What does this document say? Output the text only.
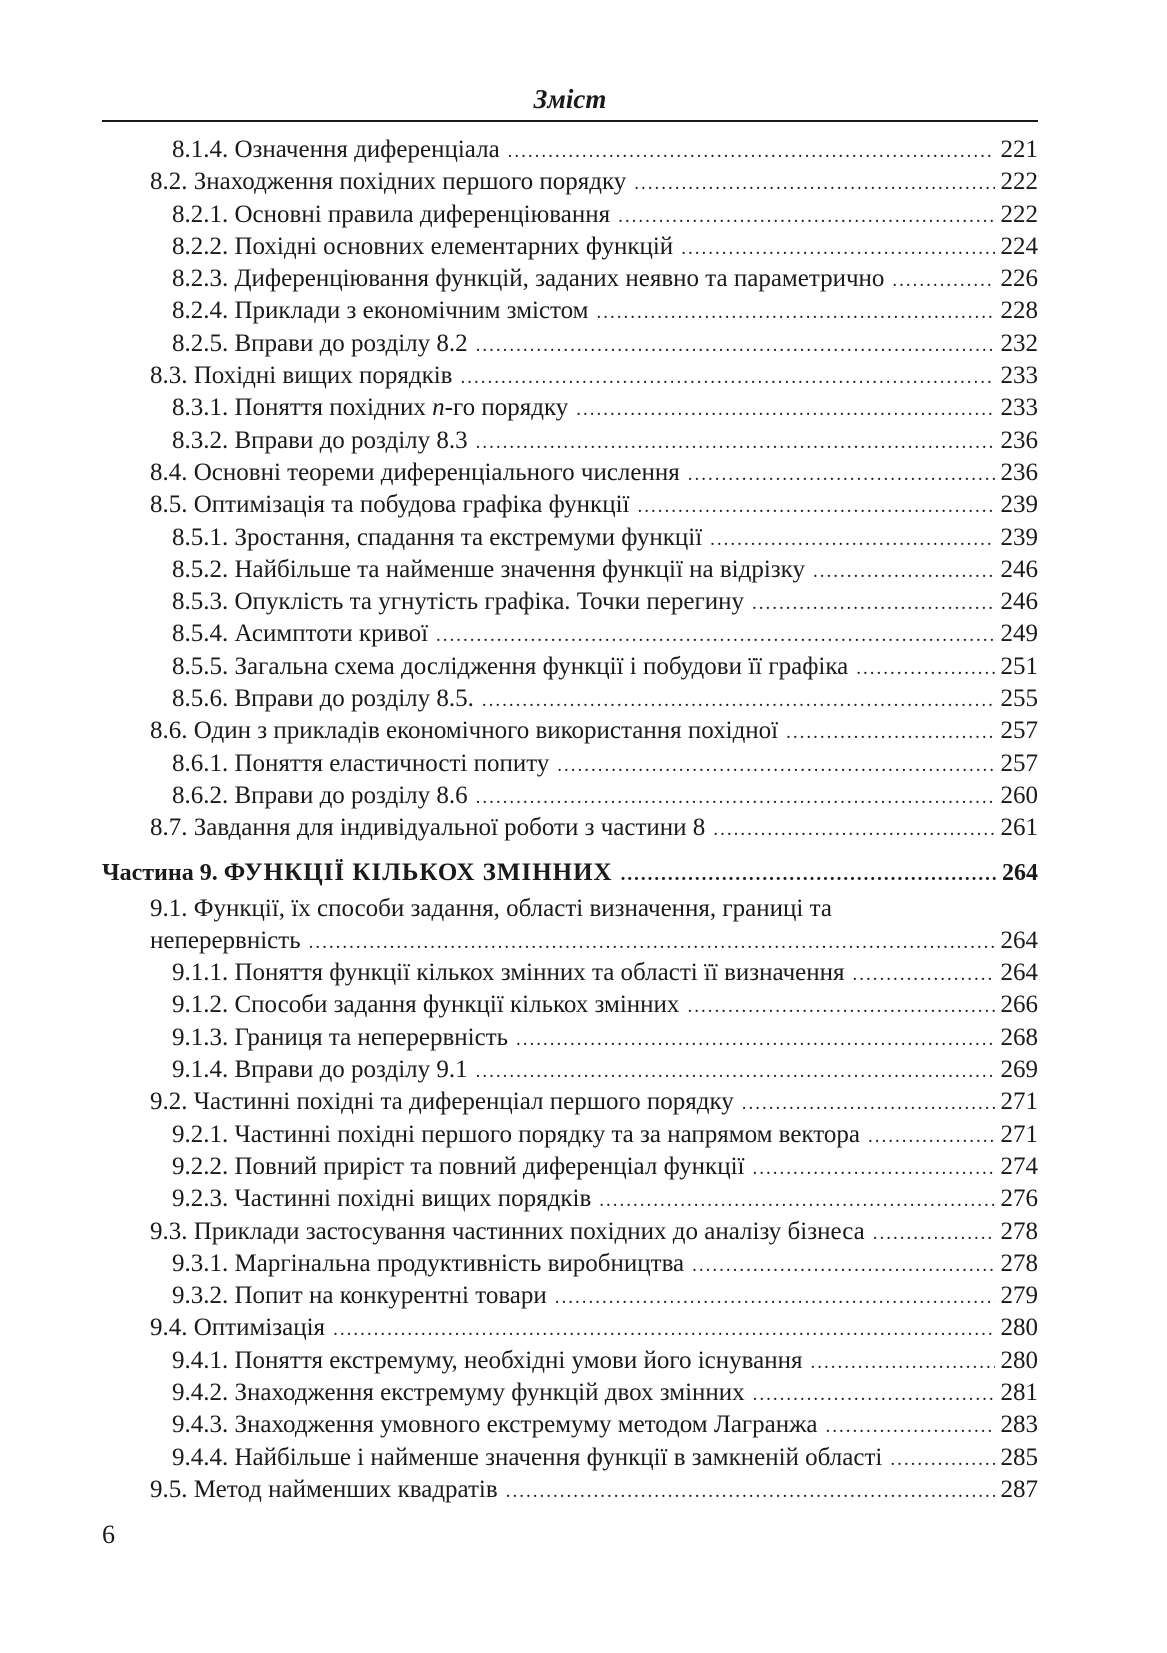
Зміст
8.1.4. Означення диференціала .....	221
8.2. Знаходження похідних першого порядку .....	222
8.2.1. Основні правила диференціювання .....	222
8.2.2. Похідні основних елементарних функцій .....	224
8.2.3. Диференціювання функцій, заданих неявно та параметрично .....	226
8.2.4. Приклади з економічним змістом .....	228
8.2.5. Вправи до розділу 8.2 .....	232
8.3. Похідні вищих порядків .....	233
8.3.1. Поняття похідних n-го порядку .....	233
8.3.2. Вправи до розділу 8.3 .....	236
8.4. Основні теореми диференціального числення .....	236
8.5. Оптимізація та побудова графіка функції .....	239
8.5.1. Зростання, спадання та екстремуми функції .....	239
8.5.2. Найбільше та найменше значення функції на відрізку .....	246
8.5.3. Опуклість та угнутість графіка. Точки перегину .....	246
8.5.4. Асимптоти кривої .....	249
8.5.5. Загальна схема дослідження функції і побудови її графіка .....	251
8.5.6. Вправи до розділу 8.5. .....	255
8.6. Один з прикладів економічного використання похідної .....	257
8.6.1. Поняття еластичності попиту .....	257
8.6.2. Вправи до розділу 8.6 .....	260
8.7. Завдання для індивідуальної роботи з частини 8 .....	261
Частина 9. ФУНКЦІЇ КІЛЬКОХ ЗМІННИХ .....	264
9.1. Функції, їх способи задання, області визначення, границі та
неперервність .....	264
9.1.1. Поняття функції кількох змінних та області її визначення .....	264
9.1.2. Способи задання функції кількох змінних .....	266
9.1.3. Границя та неперервність .....	268
9.1.4. Вправи до розділу 9.1 .....	269
9.2. Частинні похідні та диференціал першого порядку .....	271
9.2.1. Частинні похідні першого порядку та за напрямом вектора .....	271
9.2.2. Повний приріст та повний диференціал функції .....	274
9.2.3. Частинні похідні вищих порядків .....	276
9.3. Приклади застосування частинних похідних до аналізу бізнеса .....	278
9.3.1. Маргінальна продуктивність виробництва .....	278
9.3.2. Попит на конкурентні товари .....	279
9.4. Оптимізація .....	280
9.4.1. Поняття екстремуму, необхідні умови його існування .....	280
9.4.2. Знаходження екстремуму функцій двох змінних .....	281
9.4.3. Знаходження умовного екстремуму методом Лагранжа .....	283
9.4.4. Найбільше і найменше значення функції в замкненій області .....	285
9.5. Метод найменших квадратів .....	287
6
